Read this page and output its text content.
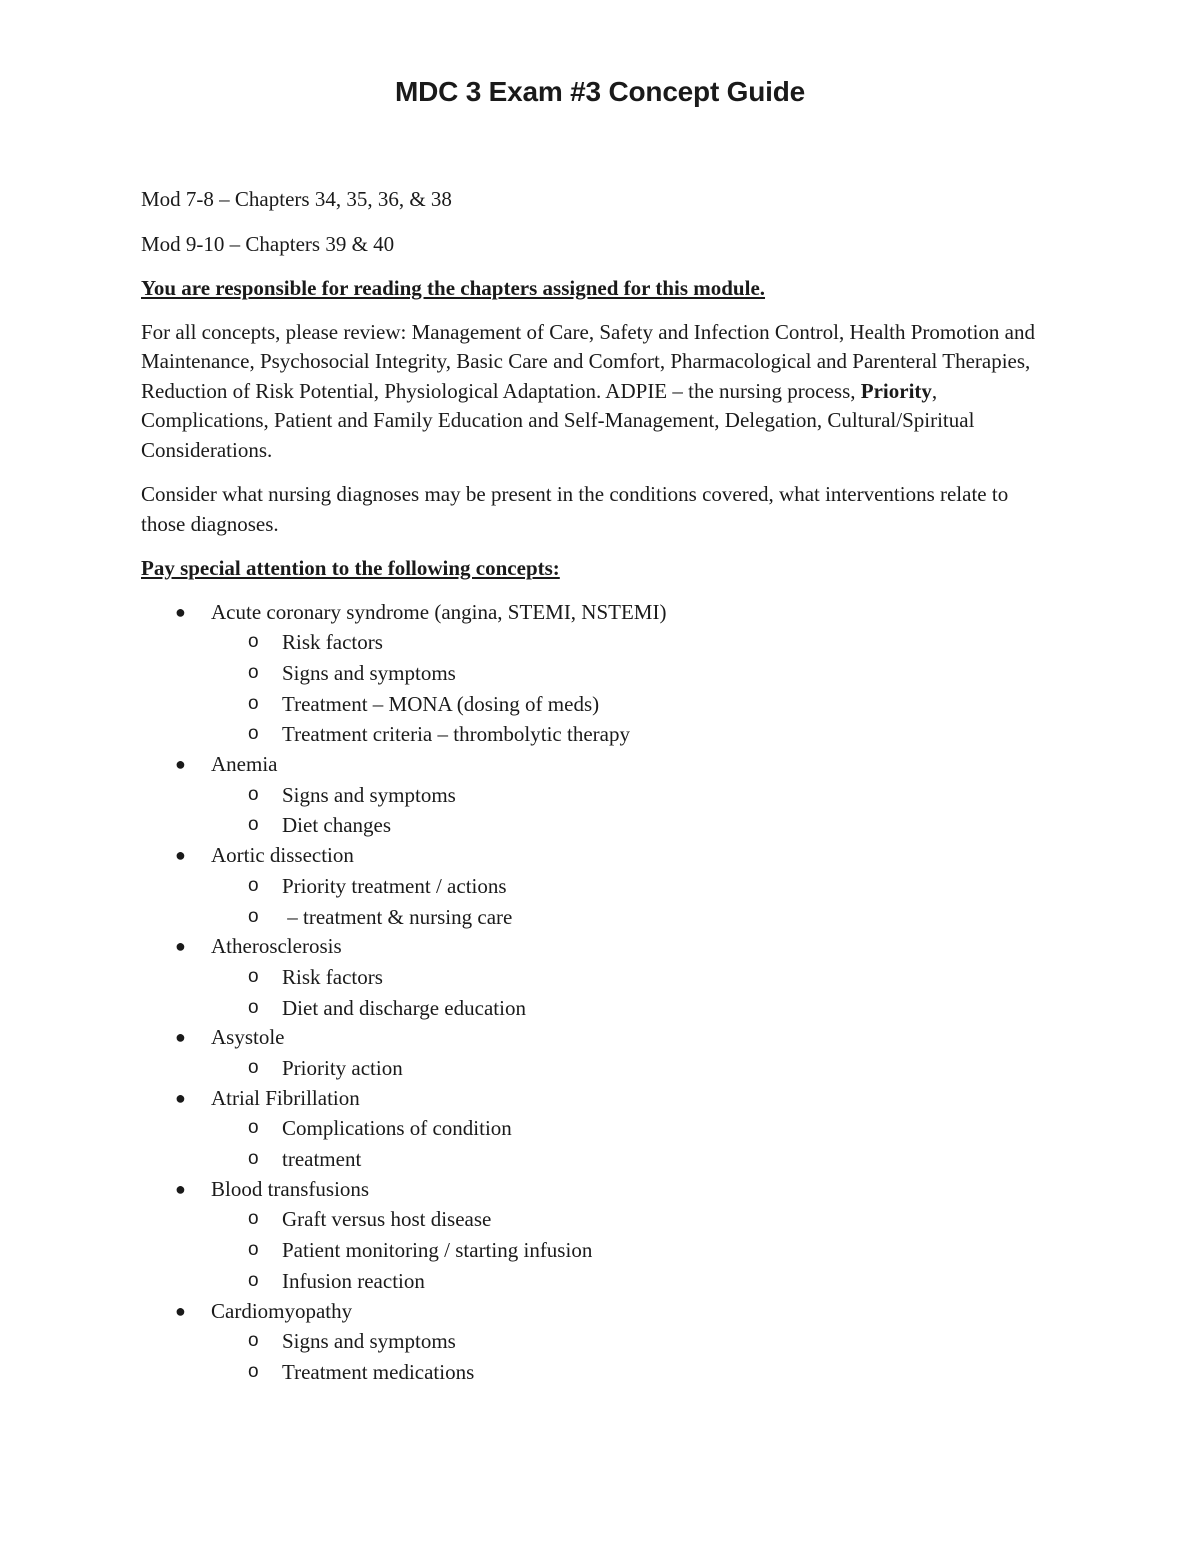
MDC 3 Exam #3 Concept Guide

Mod 7-8 – Chapters 34, 35, 36, & 38

Mod 9-10 – Chapters 39 & 40

You are responsible for reading the chapters assigned for this module.

For all concepts, please review: Management of Care, Safety and Infection Control, Health Promotion and Maintenance, Psychosocial Integrity, Basic Care and Comfort, Pharmacological and Parenteral Therapies, Reduction of Risk Potential, Physiological Adaptation. ADPIE – the nursing process, Priority, Complications, Patient and Family Education and Self-Management, Delegation, Cultural/Spiritual Considerations.

Consider what nursing diagnoses may be present in the conditions covered, what interventions relate to those diagnoses.

Pay special attention to the following concepts:

● Acute coronary syndrome (angina, STEMI, NSTEMI)
o Risk factors
o Signs and symptoms
o Treatment – MONA (dosing of meds)
o Treatment criteria – thrombolytic therapy
● Anemia
o Signs and symptoms
o Diet changes
● Aortic dissection
o Priority treatment / actions
o – treatment & nursing care
● Atherosclerosis
o Risk factors
o Diet and discharge education
● Asystole
o Priority action
● Atrial Fibrillation
o Complications of condition
o treatment
● Blood transfusions
o Graft versus host disease
o Patient monitoring / starting infusion
o Infusion reaction
● Cardiomyopathy
o Signs and symptoms
o Treatment medications
